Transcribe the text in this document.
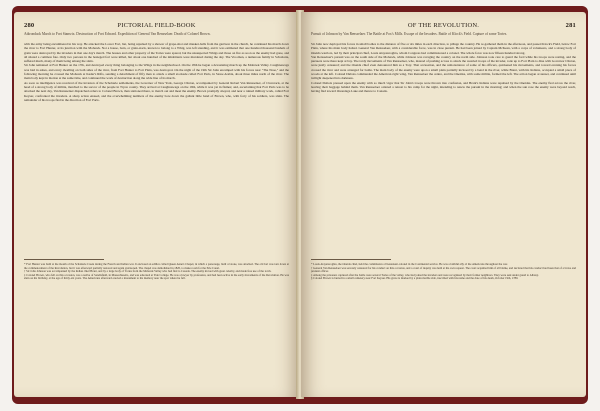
280	PICTORIAL FIELD-BOOK
Adirondack March to Fort Stanwix. Destruction of Fort Edward. Expedition of General Van Rensselaer. Death of Colonel Brown.
with the army being encumbered in his way. He attacked the Lower Fort, but, being repulsed by a shower of grape-shot and musket-balls from the garrison in the church, he continued his march down the river to Fort Hunter, at its junction with the Mohawk. Not a house, barn, or grain-stack, known to belong to a Whig, was left standing, and it was estimated that one hundred thousand bushels of grain were destroyed by the invaders in that one day's march. The houses and other property of the Tories were spared, but the unsuspected Whigs and those on fire as soon as the enemy had gone, and all shared a common fate. Only two persons in the besieged fort were killed, but about one hundred of the inhabitants were murdered during the day. The Vrooman, a numerous family in Schoharie, suffered much, many of them being among the slain.
Sir John remained at Fort Hunter on the 17th, and destroyed every thing belonging to the Whigs in the neighborhood. On the 18th he began a devastating march up the Mohawk Valley. Caughnawaga was laid in ashes, and every dwelling on both sides of the river, from Fort Hunter to Fort Plain, was destroyed. On the night of the 19th Sir John encamped with his forces near "The Nose," and the following morning he crossed the Mohawk at Keder's Rifts, sending a detachment of fifty men to attack a small stockade called Fort Paris, in Stone Arabia, about three miles north of the river. The main body kept in motion at the same time, and continued the work of destruction along the wide line of its march.
As soon as intelligence was received of the invasion of the Schoharie settlements, the Governor of New York, George Clinton, accompanied by General Robert Van Rensselaer, of Claverack, at the head of a strong body of militia, marched to the succor of the people in Tryon county. They arrived at Caughnawaga on the 19th, while it was yet in flames; and, ascertaining that Fort Paris was to be attacked the next day, Van Rensselaer dispatched orders to Colonel Brown, then stationed there, to march out and meet the enemy. Brown promptly obeyed, and near a ruined military work, called Fort Keyser, confronted the invaders. A sharp action ensued, and the overwhelming numbers of the enemy bore down the gallant little band of Brown, who, with forty of his soldiers, was slain. The remainder of his troops fled in the direction of Fort Paris.
* Fort Hunter was built at the mouth of the Schoharie Creek during the French and Indian war. It enclosed an edifice called Queen Anne's Chapel, in which a parsonage, built of stone, was attached. The old fort was torn down at the commencement of the Revolution, but it was afterward partially restored and again garrisoned. The chapel was demolished in 1820, to make room for the Erie Canal.
† Sir John Johnson was accompanied by the Indian chief Brant, and by a large body of Tories from the Mohawk Valley who had fled to Canada. The enemy moved with great celerity, and made free use of the torch.
‡ Colonel Brown, who fell on this occasion, was a native of Sandisfield, in Massachusetts, and was educated at Yale College. He was a lawyer by profession, and had been active in the early movements of the Revolution. He was slain on his birthday, at the age of thirty-six years. The Americans afterward erected a monument to his memory near the spot where he fell.
OF THE REVOLUTION.	281
Pursuit of Johnson by Van Rensselaer. The Battle at Fox's Mills. Escape of the Invaders. Battle of Klock's Field. Capture of some Tories.
Sir John now deployed his forces in small bodies to the distance of five or six miles in each direction, to pillage the country. He re-gathered them in the afternoon, and passed Klock's Field, below Fort Plain, where his main body halted. General Van Rensselaer, with a considerable force, was in close pursuit. He had been joined by Captain McKean, with a corps of volunteers, and a strong body of Oneida warriors, led by their principal chief, Louis Atayataroghta, whom Congress had commissioned a colonel. The whole force was now fifteen hundred strong.
Van Rensselaer's pursuit was on the south side of the Mohawk, while Johnson was ravaging the country on the north side. Johnson took care to guard the ford while his troops were resting, and the pursuers were there kept at bay. The tardy movements of Van Rensselaer, who, instead of pushing across to attack the wearied troops of the invader, rode up to Fort Plain to dine with Governor Clinton, were justly censured; and the Oneida chief even denounced him as a Tory. That accusation, and the remonstrance of some of his officers, quickened his movements, and toward evening his forces crossed the river and were arranged for battle. The main body of the enemy were upon a small plain partially inclosed by a bend in the river, while Brant, with his Indians, occupied a small piece of woods at the left. Colonel Dubois commanded the American right wing, Van Rensselaer the centre, and the Oneidas, with some militia, formed the left. The action began at sunset, and continued until twilight deepened into darkness.
Colonel Dubois pressed upon the enemy with so much vigor that Sir John's troops were thrown into confusion, and Brant's Indians were repulsed by the Oneidas. The enemy fled across the river, leaving their baggage behind them. Van Rensselaer ordered a retreat to his camp for the night, intending to renew the pursuit in the morning; and when the sun rose the enemy were beyond reach, having fled toward Onondaga Lake and thence to Canada.
* Louis Atayataroghta, the Oneida chief, held the commission of lieutenant-colonel in the Continental service. He was a faithful ally of the Americans throughout the war.
† General Van Rensselaer was severely censured for his conduct on this occasion, and a court of inquiry was held at his own request. The court acquitted him of all blame, and declared that his conduct had been that of a brave and prudent officer.
‡ Among the prisoners captured after the battle were several Tories of the valley, who had joined the invaders and were recognized by their former neighbors. They were sent under guard to Albany.
§ Colonel Brown is buried in a small cemetery near Fort Keyser. His grave is marked by a plain marble slab, inscribed with his name and the date of his death, October 19th, 1780.
